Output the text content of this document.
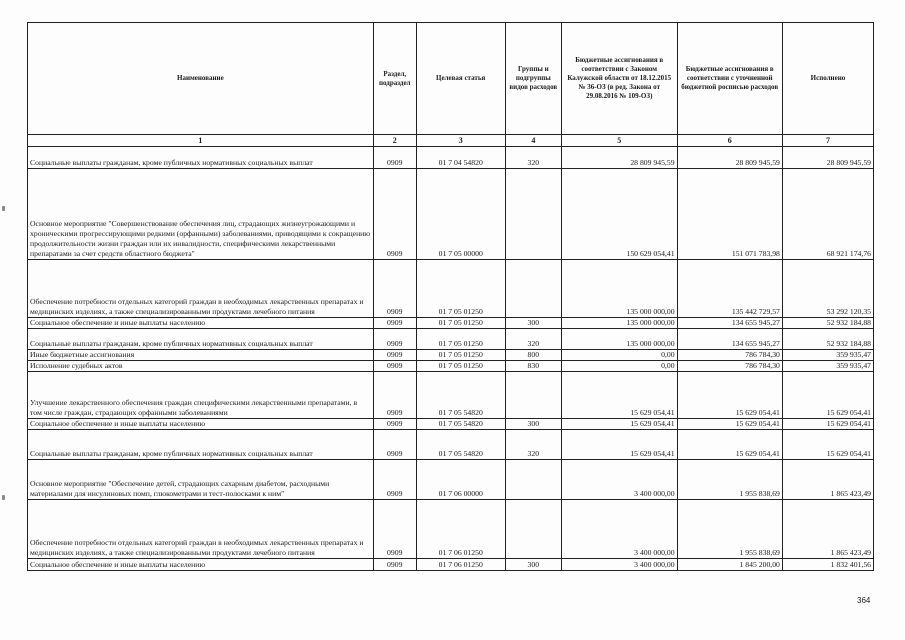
Наименование	Раздел, подраздел	Целевая статья	Группы и подгруппы видов расходов	Бюджетные ассигнования в соответствии с Законом Калужской области от 18.12.2015 № 36-ОЗ (в ред. Закона от 29.08.2016 № 109-ОЗ)	Бюджетные ассигнования в соответствии с уточненной бюджетной росписью расходов	Исполнено
1	2	3	4	5	6	7
Социальные выплаты гражданам, кроме публичных нормативных социальных выплат	0909	01 7 04 54820	320	28 809 945,59	28 809 945,59	28 809 945,59
Основное мероприятие "Совершенствование обеспечения лиц, страдающих жизнеугрожающими и хроническими прогрессирующими редкими (орфанными) заболеваниями, приводящими к сокращению продолжительности жизни граждан или их инвалидности, специфическими лекарственными препаратами за счет средств областного бюджета"	0909	01 7 05 00000		150 629 054,41	151 071 783,98	68 921 174,76
Обеспечение потребности отдельных категорий граждан в необходимых лекарственных препаратах и медицинских изделиях, а также специализированными продуктами лечебного питания	0909	01 7 05 01250		135 000 000,00	135 442 729,57	53 292 120,35
Социальное обеспечение и иные выплаты населению	0909	01 7 05 01250	300	135 000 000,00	134 655 945,27	52 932 184,88
Социальные выплаты гражданам, кроме публичных нормативных социальных выплат	0909	01 7 05 01250	320	135 000 000,00	134 655 945,27	52 932 184,88
Иные бюджетные ассигнования	0909	01 7 05 01250	800	0,00	786 784,30	359 935,47
Исполнение судебных актов	0909	01 7 05 01250	830	0,00	786 784,30	359 935,47
Улучшение лекарственного обеспечения граждан специфическими лекарственными препаратами, в том числе граждан, страдающих орфанными заболеваниями	0909	01 7 05 54820		15 629 054,41	15 629 054,41	15 629 054,41
Социальное обеспечение и иные выплаты населению	0909	01 7 05 54820	300	15 629 054,41	15 629 054,41	15 629 054,41
Социальные выплаты гражданам, кроме публичных нормативных социальных выплат	0909	01 7 05 54820	320	15 629 054,41	15 629 054,41	15 629 054,41
Основное мероприятие "Обеспечение детей, страдающих сахарным диабетом, расходными материалами для инсулиновых помп, глюкометрами и тест-полосками к ним"	0909	01 7 06 00000		3 400 000,00	1 955 838,69	1 865 423,49
Обеспечение потребности отдельных категорий граждан в необходимых лекарственных препаратах и медицинских изделиях, а также специализированными продуктами лечебного питания	0909	01 7 06 01250		3 400 000,00	1 955 838,69	1 865 423,49
Социальное обеспечение и иные выплаты населению	0909	01 7 06 01250	300	3 400 000,00	1 845 200,00	1 832 401,56
364
